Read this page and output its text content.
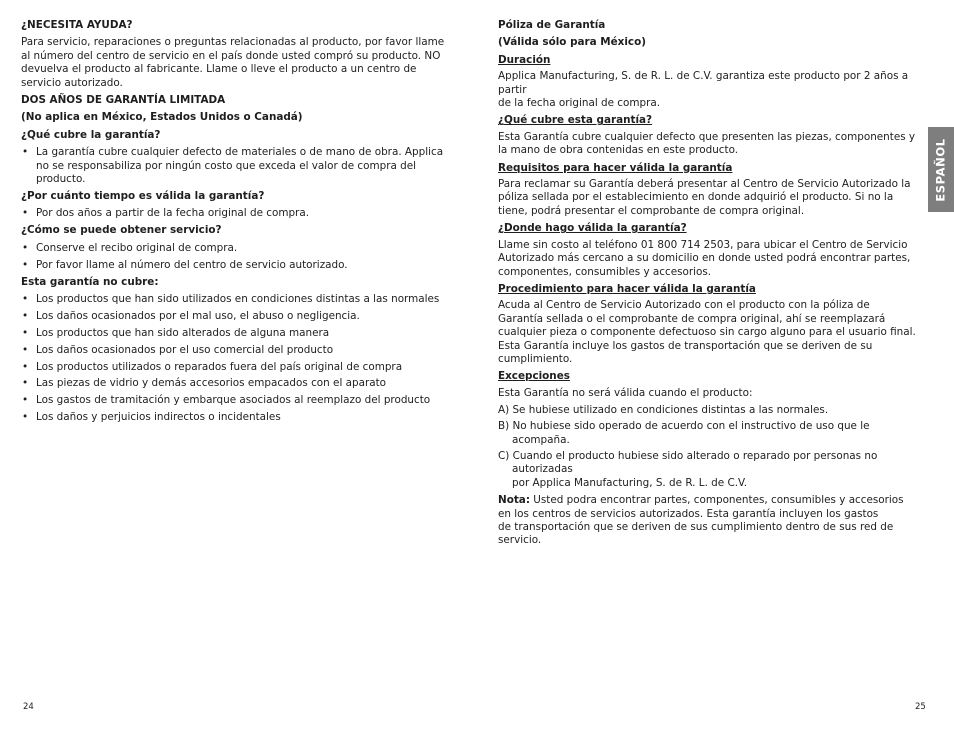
¿NECESITA AYUDA?
Para servicio, reparaciones o preguntas relacionadas al producto, por favor llame al número del centro de servicio en el país donde usted compró su producto. NO devuelva el producto al fabricante. Llame o lleve el producto a un centro de servicio autorizado.
DOS AÑOS DE GARANTÍA LIMITADA
(No aplica en México, Estados Unidos o Canadá)
¿Qué cubre la garantía?
• La garantía cubre cualquier defecto de materiales o de mano de obra. Applica no se responsabiliza por ningún costo que exceda el valor de compra del producto.
¿Por cuánto tiempo es válida la garantía?
• Por dos años a partir de la fecha original de compra.
¿Cómo se puede obtener servicio?
• Conserve el recibo original de compra.
• Por favor llame al número del centro de servicio autorizado.
Esta garantía no cubre:
• Los productos que han sido utilizados en condiciones distintas a las normales
• Los daños ocasionados por el mal uso, el abuso o negligencia.
• Los productos que han sido alterados de alguna manera
• Los daños ocasionados por el uso comercial del producto
• Los productos utilizados o reparados fuera del país original de compra
• Las piezas de vidrio y demás accesorios empacados con el aparato
• Los gastos de tramitación y embarque asociados al reemplazo del producto
• Los daños y perjuicios indirectos o incidentales
Póliza de Garantía
(Válida sólo para México)
Duración
Applica Manufacturing, S. de R. L. de C.V. garantiza este producto por 2 años a partir
de la fecha original de compra.
¿Qué cubre esta garantía?
Esta Garantía cubre cualquier defecto que presenten las piezas, componentes y la mano de obra contenidas en este producto.
Requisitos para hacer válida la garantía
Para reclamar su Garantía deberá presentar al Centro de Servicio Autorizado la póliza sellada por el establecimiento en donde adquirió el producto. Si no la tiene, podrá presentar el comprobante de compra original.
¿Donde hago válida la garantía?
Llame sin costo al teléfono 01 800 714 2503, para ubicar el Centro de Servicio Autorizado más cercano a su domicilio en donde usted podrá encontrar partes, componentes, consumibles y accesorios.
Procedimiento para hacer válida la garantía
Acuda al Centro de Servicio Autorizado con el producto con la póliza de Garantía sellada o el comprobante de compra original, ahí se reemplazará cualquier pieza o componente defectuoso sin cargo alguno para el usuario final. Esta Garantía incluye los gastos de transportación que se deriven de su cumplimiento.
Excepciones
Esta Garantía no será válida cuando el producto:
A) Se hubiese utilizado en condiciones distintas a las normales.
B) No hubiese sido operado de acuerdo con el instructivo de uso que le acompaña.
C) Cuando el producto hubiese sido alterado o reparado por personas no autorizadas
por Applica Manufacturing, S. de R. L. de C.V.
Nota: Usted podra encontrar partes, componentes, consumibles y accesorios en los centros de servicios autorizados. Esta garantía incluyen los gastos
de transportación que se deriven de sus cumplimiento dentro de sus red de servicio.
ESPAÑOL
24	25
